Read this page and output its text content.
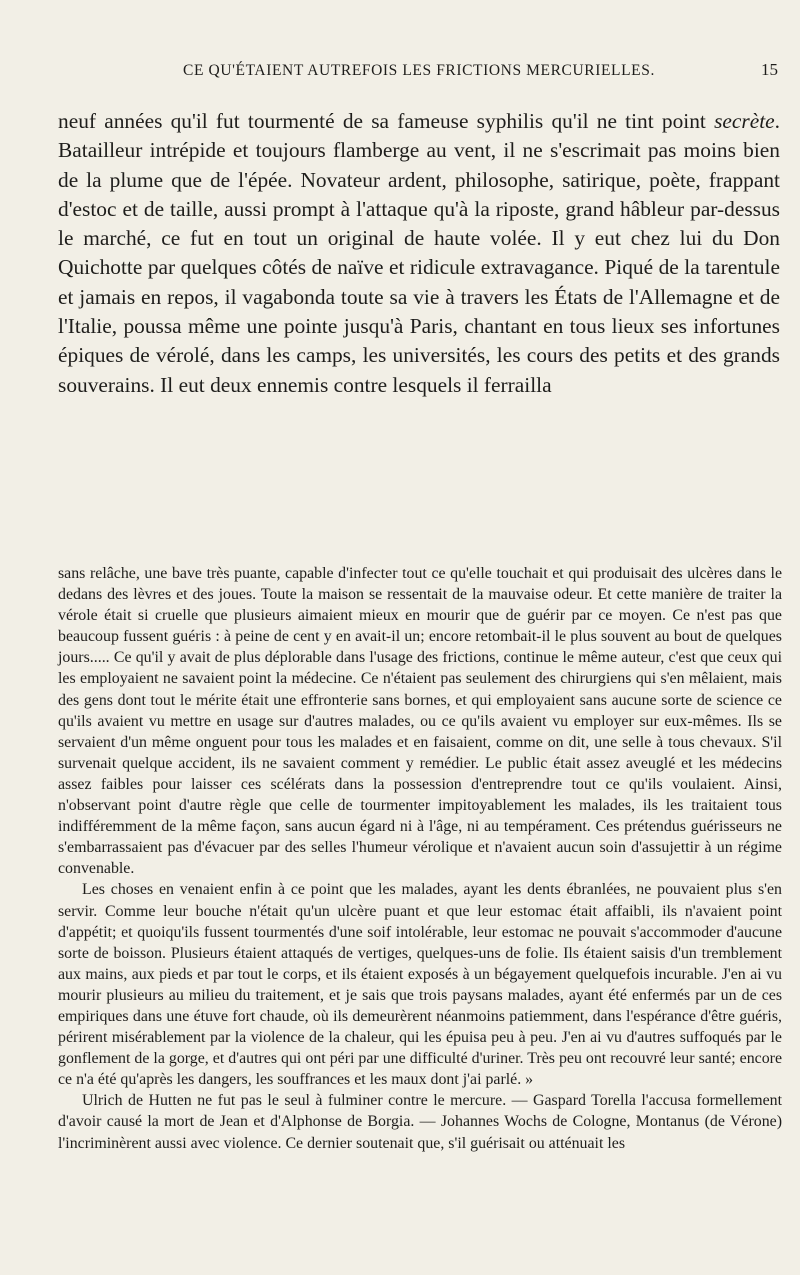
CE QU'ÉTAIENT AUTREFOIS LES FRICTIONS MERCURIELLES.	15

neuf années qu'il fut tourmenté de sa fameuse syphilis qu'il ne tint point secrète. Batailleur intrépide et toujours flamberge au vent, il ne s'escrimait pas moins bien de la plume que de l'épée. Novateur ardent, philosophe, satirique, poète, frappant d'estoc et de taille, aussi prompt à l'attaque qu'à la riposte, grand hâbleur par-dessus le marché, ce fut en tout un original de haute volée. Il y eut chez lui du Don Quichotte par quelques côtés de naïve et ridicule extravagance. Piqué de la tarentule et jamais en repos, il vagabonda toute sa vie à travers les États de l'Allemagne et de l'Italie, poussa même une pointe jusqu'à Paris, chantant en tous lieux ses infortunes épiques de vérolé, dans les camps, les universités, les cours des petits et des grands souverains. Il eut deux ennemis contre lesquels il ferrailla

sans relâche, une bave très puante, capable d'infecter tout ce qu'elle touchait et qui produisait des ulcères dans le dedans des lèvres et des joues. Toute la maison se ressentait de la mauvaise odeur. Et cette manière de traiter la vérole était si cruelle que plusieurs aimaient mieux en mourir que de guérir par ce moyen. Ce n'est pas que beaucoup fussent guéris : à peine de cent y en avait-il un; encore retombait-il le plus souvent au bout de quelques jours..... Ce qu'il y avait de plus déplorable dans l'usage des frictions, continue le même auteur, c'est que ceux qui les employaient ne savaient point la médecine. Ce n'étaient pas seulement des chirurgiens qui s'en mêlaient, mais des gens dont tout le mérite était une effronterie sans bornes, et qui employaient sans aucune sorte de science ce qu'ils avaient vu mettre en usage sur d'autres malades, ou ce qu'ils avaient vu employer sur eux-mêmes. Ils se servaient d'un même onguent pour tous les malades et en faisaient, comme on dit, une selle à tous chevaux. S'il survenait quelque accident, ils ne savaient comment y remédier. Le public était assez aveuglé et les médecins assez faibles pour laisser ces scélérats dans la possession d'entreprendre tout ce qu'ils voulaient. Ainsi, n'observant point d'autre règle que celle de tourmenter impitoyablement les malades, ils les traitaient tous indifféremment de la même façon, sans aucun égard ni à l'âge, ni au tempérament. Ces prétendus guérisseurs ne s'embarrassaient pas d'évacuer par des selles l'humeur vérolique et n'avaient aucun soin d'assujettir à un régime convenable.

Les choses en venaient enfin à ce point que les malades, ayant les dents ébranlées, ne pouvaient plus s'en servir. Comme leur bouche n'était qu'un ulcère puant et que leur estomac était affaibli, ils n'avaient point d'appétit; et quoiqu'ils fussent tourmentés d'une soif intolérable, leur estomac ne pouvait s'accommoder d'aucune sorte de boisson. Plusieurs étaient attaqués de vertiges, quelques-uns de folie. Ils étaient saisis d'un tremblement aux mains, aux pieds et par tout le corps, et ils étaient exposés à un bégayement quelquefois incurable. J'en ai vu mourir plusieurs au milieu du traitement, et je sais que trois paysans malades, ayant été enfermés par un de ces empiriques dans une étuve fort chaude, où ils demeurèrent néanmoins patiemment, dans l'espérance d'être guéris, périrent misérablement par la violence de la chaleur, qui les épuisa peu à peu. J'en ai vu d'autres suffoqués par le gonflement de la gorge, et d'autres qui ont péri par une difficulté d'uriner. Très peu ont recouvré leur santé; encore ce n'a été qu'après les dangers, les souffrances et les maux dont j'ai parlé. »

Ulrich de Hutten ne fut pas le seul à fulminer contre le mercure. — Gaspard Torella l'accusa formellement d'avoir causé la mort de Jean et d'Alphonse de Borgia. — Johannes Wochs de Cologne, Montanus (de Vérone) l'incriminèrent aussi avec violence. Ce dernier soutenait que, s'il guérisait ou atténuait les
